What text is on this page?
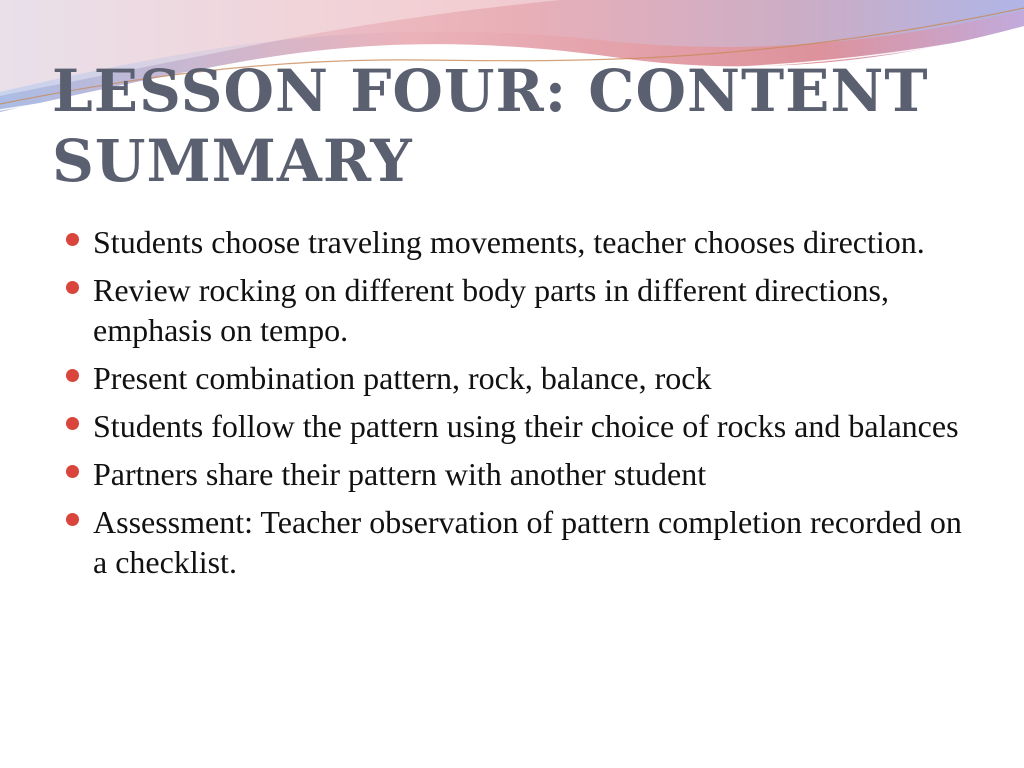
LESSON FOUR: CONTENT SUMMARY
Students choose traveling movements, teacher chooses direction.
Review rocking on different body parts in different directions, emphasis on tempo.
Present combination pattern, rock, balance, rock
Students follow the pattern using their choice of rocks and balances
Partners share their pattern with another student
Assessment: Teacher observation of pattern completion recorded on a checklist.
